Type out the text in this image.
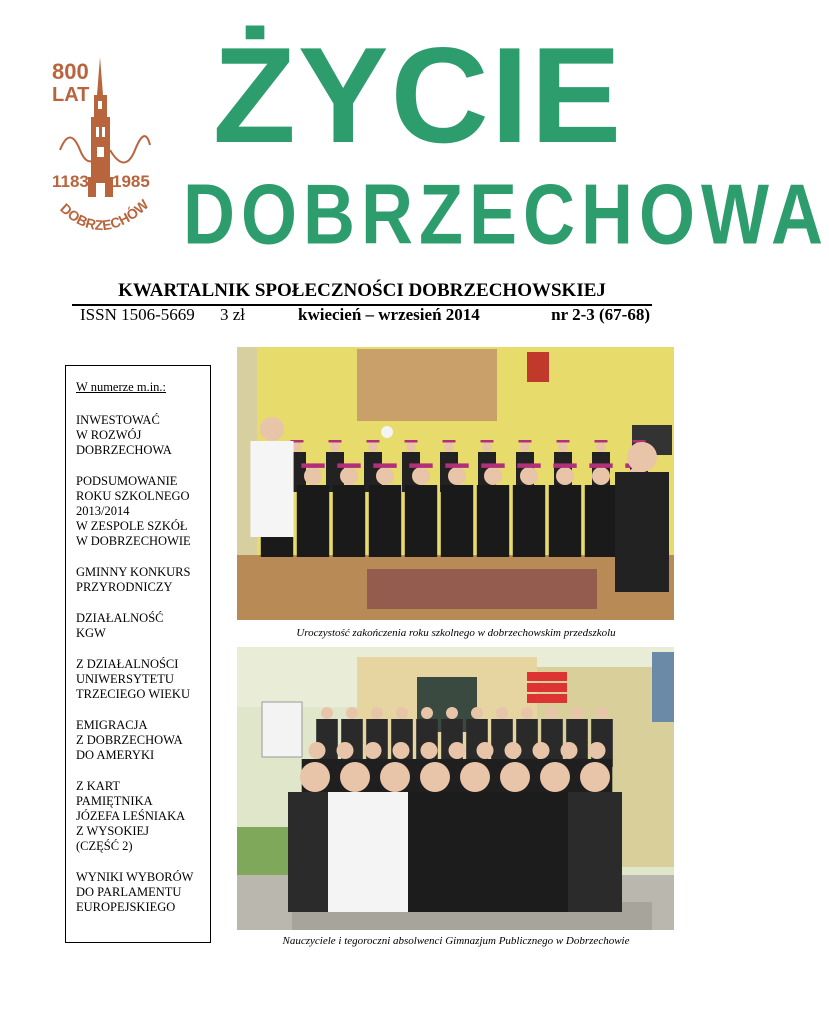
800
LAT
1183 1985
DOBRZECHÓW
ŻYCIE
DOBRZECHOWA
KWARTALNIK SPOŁECZNOŚCI DOBRZECHOWSKIEJ
ISSN 1506-5669 3 zł	kwiecień – wrzesień 2014	nr 2-3 (67-68)
W numerze m.in.:
INWESTOWAĆ
W ROZWÓJ
DOBRZECHOWA
PODSUMOWANIE
ROKU SZKOLNEGO
2013/2014
W ZESPOLE SZKÓŁ
W DOBRZECHOWIE
GMINNY KONKURS
PRZYRODNICZY
DZIAŁALNOŚĆ
KGW
Z DZIAŁALNOŚCI
UNIWERSYTETU
TRZECIEGO WIEKU
EMIGRACJA
Z DOBRZECHOWA
DO AMERYKI
Z KART
PAMIĘTNIKA
JÓZEFA LEŚNIAKA
Z WYSOKIEJ
(CZĘŚĆ 2)
WYNIKI WYBORÓW
DO PARLAMENTU
EUROPEJSKIEGO
Uroczystość zakończenia roku szkolnego w dobrzechowskim przedszkolu
Nauczyciele i tegoroczni absolwenci Gimnazjum Publicznego w Dobrzechowie
